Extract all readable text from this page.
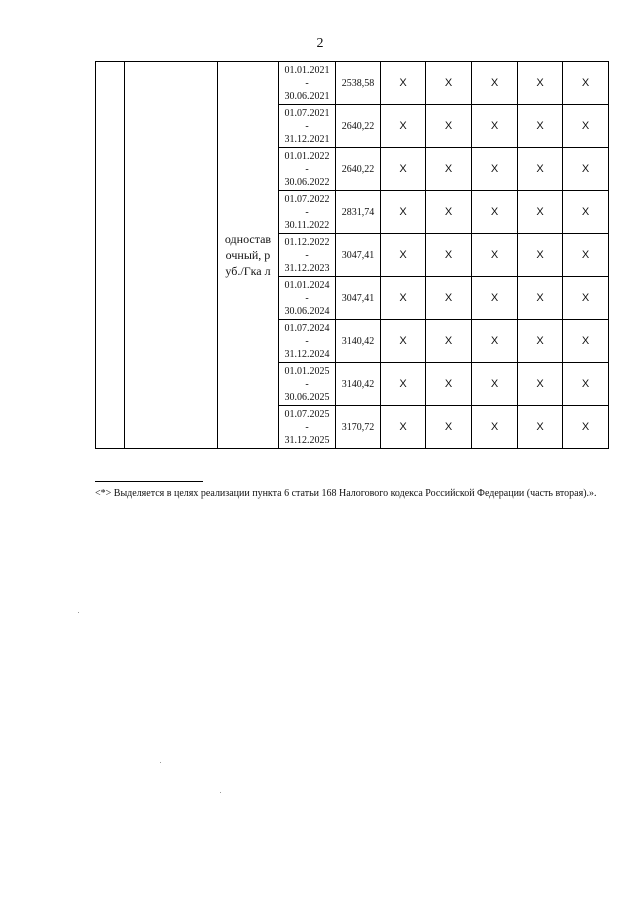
2
		одностав очный, руб./Гка л	01.01.2021
-
30.06.2021	2538,58	X	X	X	X	X

			01.07.2021
-
31.12.2021	2640,22	X	X	X	X	X

			01.01.2022
-
30.06.2022	2640,22	X	X	X	X	X

			01.07.2022
-
30.11.2022	2831,74	X	X	X	X	X

			01.12.2022
-
31.12.2023	3047,41	X	X	X	X	X

			01.01.2024
-
30.06.2024	3047,41	X	X	X	X	X

			01.07.2024
-
31.12.2024	3140,42	X	X	X	X	X

			01.01.2025
-
30.06.2025	3140,42	X	X	X	X	X

			01.07.2025
-
31.12.2025	3170,72	X	X	X	X	X
<*> Выделяется в целях реализации пункта 6 статьи 168 Налогового кодекса Российской Федерации (часть вторая).».
